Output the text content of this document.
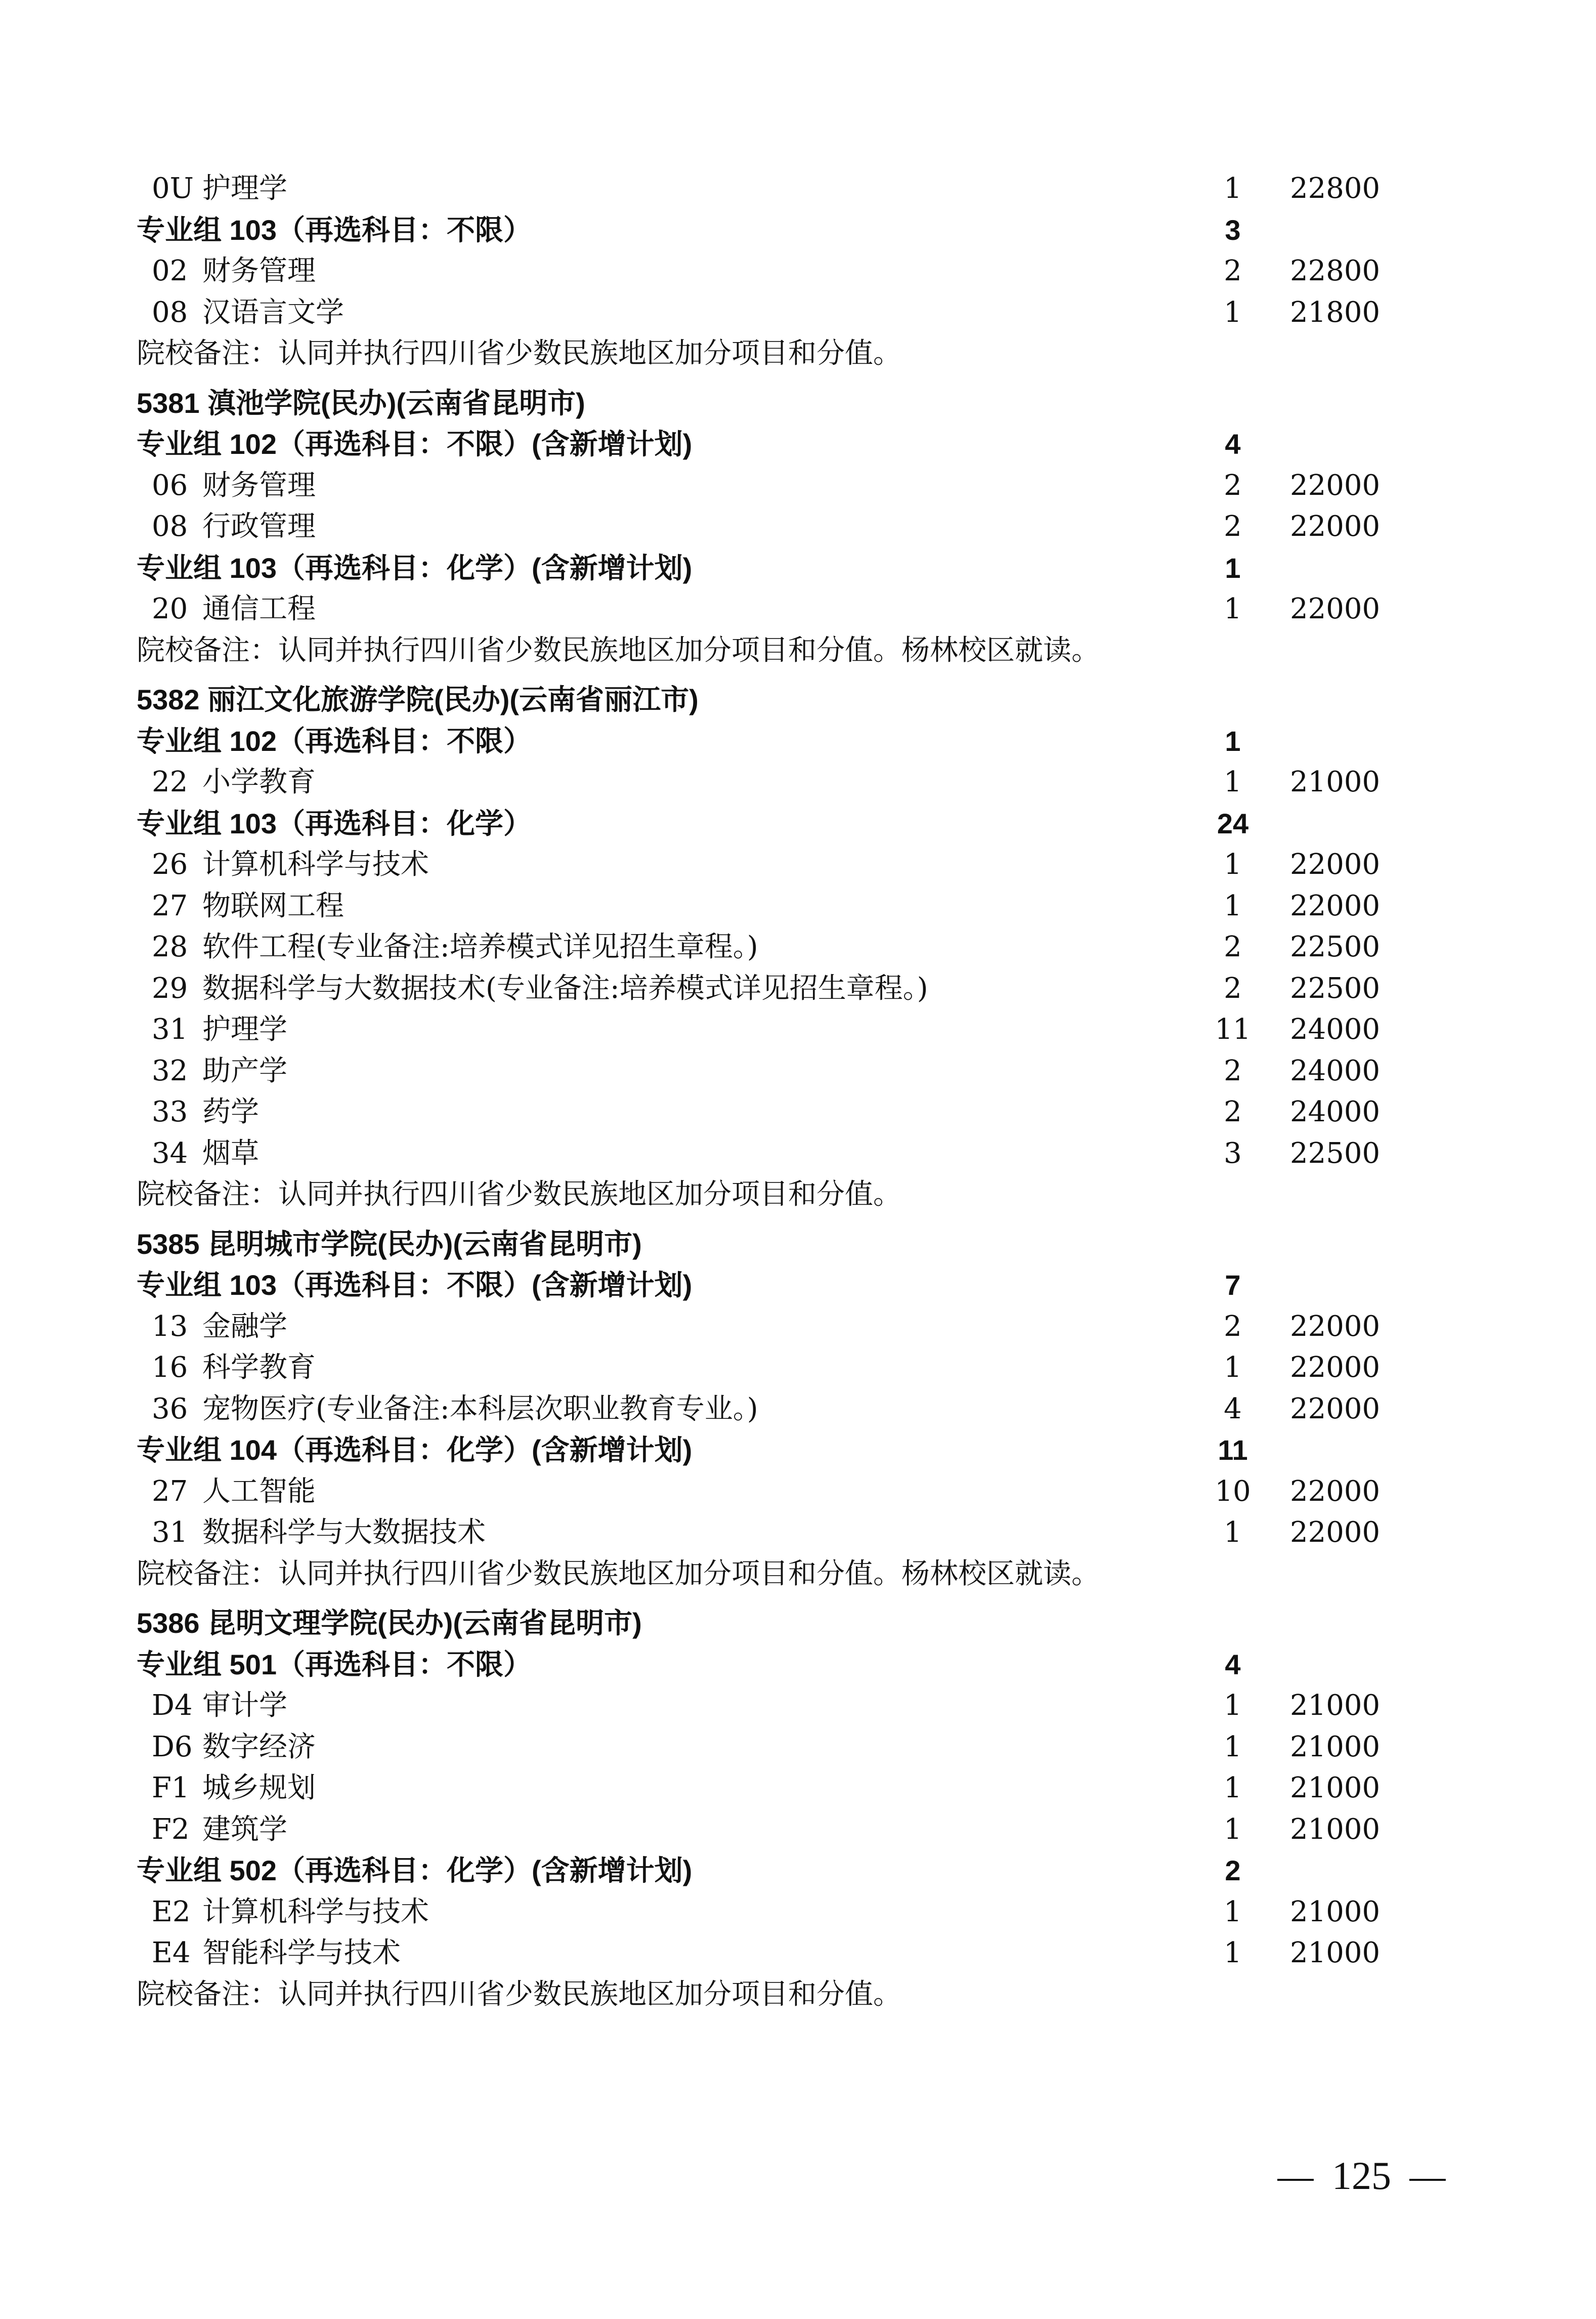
0U 护理学	1	22800
专业组 103（再选科目：不限）	3
02 财务管理	2	22800
08 汉语言文学	1	21800
院校备注：认同并执行四川省少数民族地区加分项目和分值。
5381 滇池学院(民办)(云南省昆明市)
专业组 102（再选科目：不限）(含新增计划)	4
06 财务管理	2	22000
08 行政管理	2	22000
专业组 103（再选科目：化学）(含新增计划)	1
20 通信工程	1	22000
院校备注：认同并执行四川省少数民族地区加分项目和分值。杨林校区就读。
5382 丽江文化旅游学院(民办)(云南省丽江市)
专业组 102（再选科目：不限）	1
22 小学教育	1	21000
专业组 103（再选科目：化学）	24
26 计算机科学与技术	1	22000
27 物联网工程	1	22000
28 软件工程(专业备注:培养模式详见招生章程。)	2	22500
29 数据科学与大数据技术(专业备注:培养模式详见招生章程。)	2	22500
31 护理学	11	24000
32 助产学	2	24000
33 药学	2	24000
34 烟草	3	22500
院校备注：认同并执行四川省少数民族地区加分项目和分值。
5385 昆明城市学院(民办)(云南省昆明市)
专业组 103（再选科目：不限）(含新增计划)	7
13 金融学	2	22000
16 科学教育	1	22000
36 宠物医疗(专业备注:本科层次职业教育专业。)	4	22000
专业组 104（再选科目：化学）(含新增计划)	11
27 人工智能	10	22000
31 数据科学与大数据技术	1	22000
院校备注：认同并执行四川省少数民族地区加分项目和分值。杨林校区就读。
5386 昆明文理学院(民办)(云南省昆明市)
专业组 501（再选科目：不限）	4
D4 审计学	1	21000
D6 数字经济	1	21000
F1 城乡规划	1	21000
F2 建筑学	1	21000
专业组 502（再选科目：化学）(含新增计划)	2
E2 计算机科学与技术	1	21000
E4 智能科学与技术	1	21000
院校备注：认同并执行四川省少数民族地区加分项目和分值。
125
